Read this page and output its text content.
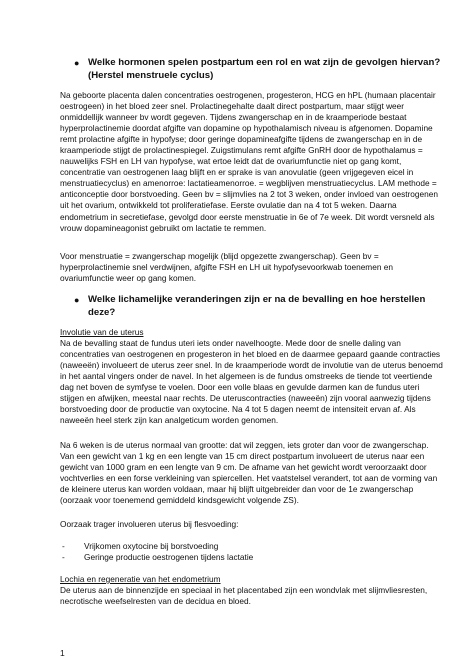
● Welke hormonen spelen postpartum een rol en wat zijn de gevolgen hiervan? (Herstel menstruele cyclus)

Na geboorte placenta dalen concentraties oestrogenen, progesteron, HCG en hPL (humaan placentair oestrogeen) in het bloed zeer snel. Prolactinegehalte daalt direct postpartum, maar stijgt weer onmiddellijk wanneer bv wordt gegeven. Tijdens zwangerschap en in de kraamperiode bestaat hyperprolactinemie doordat afgifte van dopamine op hypothalamisch niveau is afgenomen. Dopamine remt prolactine afgifte in hypofyse; door geringe dopamineafgifte tijdens de zwangerschap en in de kraamperiode stijgt de prolactinespiegel. Zuigstimulans remt afgifte GnRH door de hypothalamus = nauwelijks FSH en LH van hypofyse, wat ertoe leidt dat de ovariumfunctie niet op gang komt, concentratie van oestrogenen laag blijft en er sprake is van anovulatie (geen vrijgegeven eicel in menstruatiecyclus) en amenorroe: lactatieamenorroe. = wegblijven menstruatiecyclus. LAM methode = anticonceptie door borstvoeding. Geen bv = slijmvlies na 2 tot 3 weken, onder invloed van oestrogenen uit het ovarium, ontwikkeld tot proliferatiefase. Eerste ovulatie dan na 4 tot 5 weken. Daarna endometrium in secretiefase, gevolgd door eerste menstruatie in 6e of 7e week. Dit wordt versneld als vrouw dopamineagonist gebruikt om lactatie te remmen.

Voor menstruatie = zwangerschap mogelijk (blijd opgezette zwangerschap). Geen bv = hyperprolactinemie snel verdwijnen, afgifte FSH en LH uit hypofysevoorkwab toenemen en ovariumfunctie weer op gang komen.

● Welke lichamelijke veranderingen zijn er na de bevalling en hoe herstellen deze?

Involutie van de uterus

Na de bevalling staat de fundus uteri iets onder navelhoogte. Mede door de snelle daling van concentraties van oestrogenen en progesteron in het bloed en de daarmee gepaard gaande contracties (naweeën) involueert de uterus zeer snel. In de kraamperiode wordt de involutie van de uterus benoemd in het aantal vingers onder de navel. In het algemeen is de fundus omstreeks de tiende tot veertiende dag net boven de symfyse te voelen. Door een volle blaas en gevulde darmen kan de fundus uteri stijgen en afwijken, meestal naar rechts. De uteruscontracties (naweeën) zijn vooral aanwezig tijdens borstvoeding door de productie van oxytocine. Na 4 tot 5 dagen neemt de intensiteit ervan af. Als naweeën heel sterk zijn kan analgeticum worden genomen.

Na 6 weken is de uterus normaal van grootte: dat wil zeggen, iets groter dan voor de zwangerschap. Van een gewicht van 1 kg en een lengte van 15 cm direct postpartum involueert de uterus naar een gewicht van 1000 gram en een lengte van 9 cm. De afname van het gewicht wordt veroorzaakt door vochtverlies en een forse verkleining van spiercellen. Het vaatstelsel verandert, tot aan de vorming van de kleinere uterus kan worden voldaan, maar hij blijft uitgebreider dan voor de 1e zwangerschap (oorzaak voor toenemend gemiddeld kindsgewicht volgende ZS).

Oorzaak trager involueren uterus bij flesvoeding:

- Vrijkomen oxytocine bij borstvoeding
- Geringe productie oestrogenen tijdens lactatie

Lochia en regeneratie van het endometrium

De uterus aan de binnenzijde en speciaal in het placentabed zijn een wondvlak met slijmvliesresten, necrotische weefselresten van de decidua en bloed.

1
